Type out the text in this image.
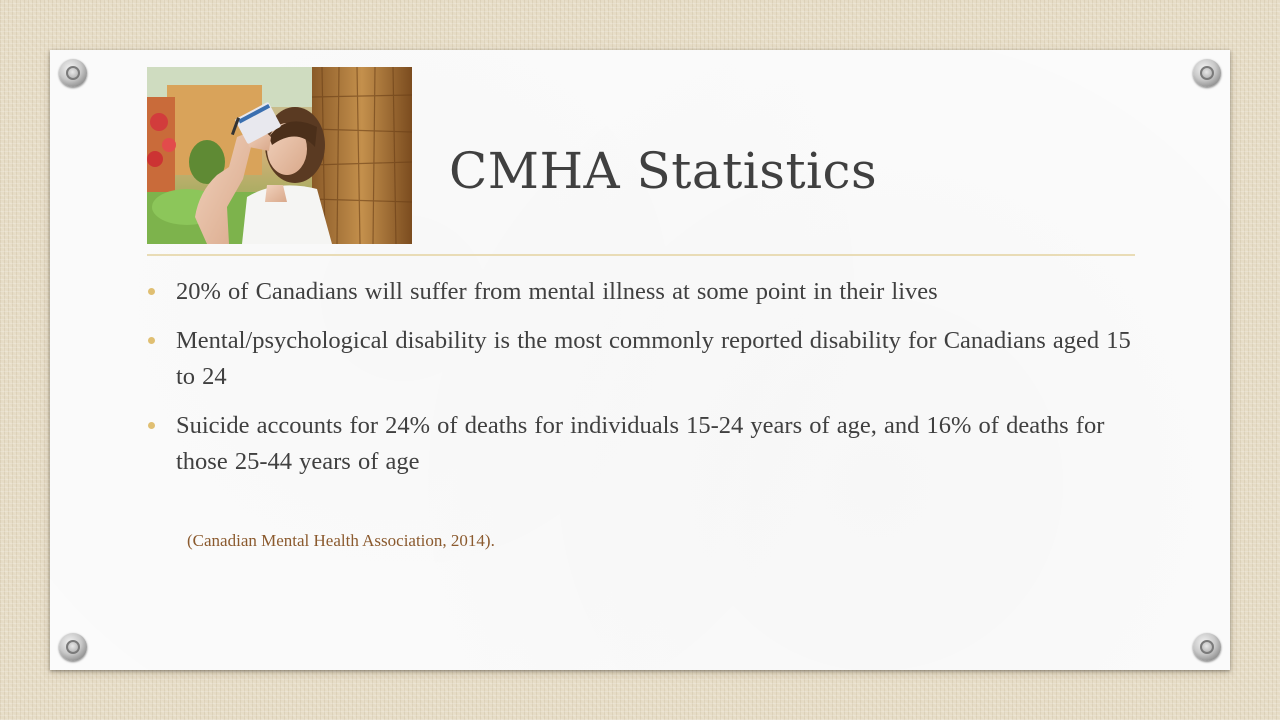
CMHA Statistics
20% of Canadians will suffer from mental illness at some point in their lives
Mental/psychological disability is the most commonly reported disability for Canadians aged 15 to 24
Suicide accounts for 24% of deaths for individuals 15-24 years of age, and 16% of deaths for those 25-44 years of age
(Canadian Mental Health Association, 2014).
